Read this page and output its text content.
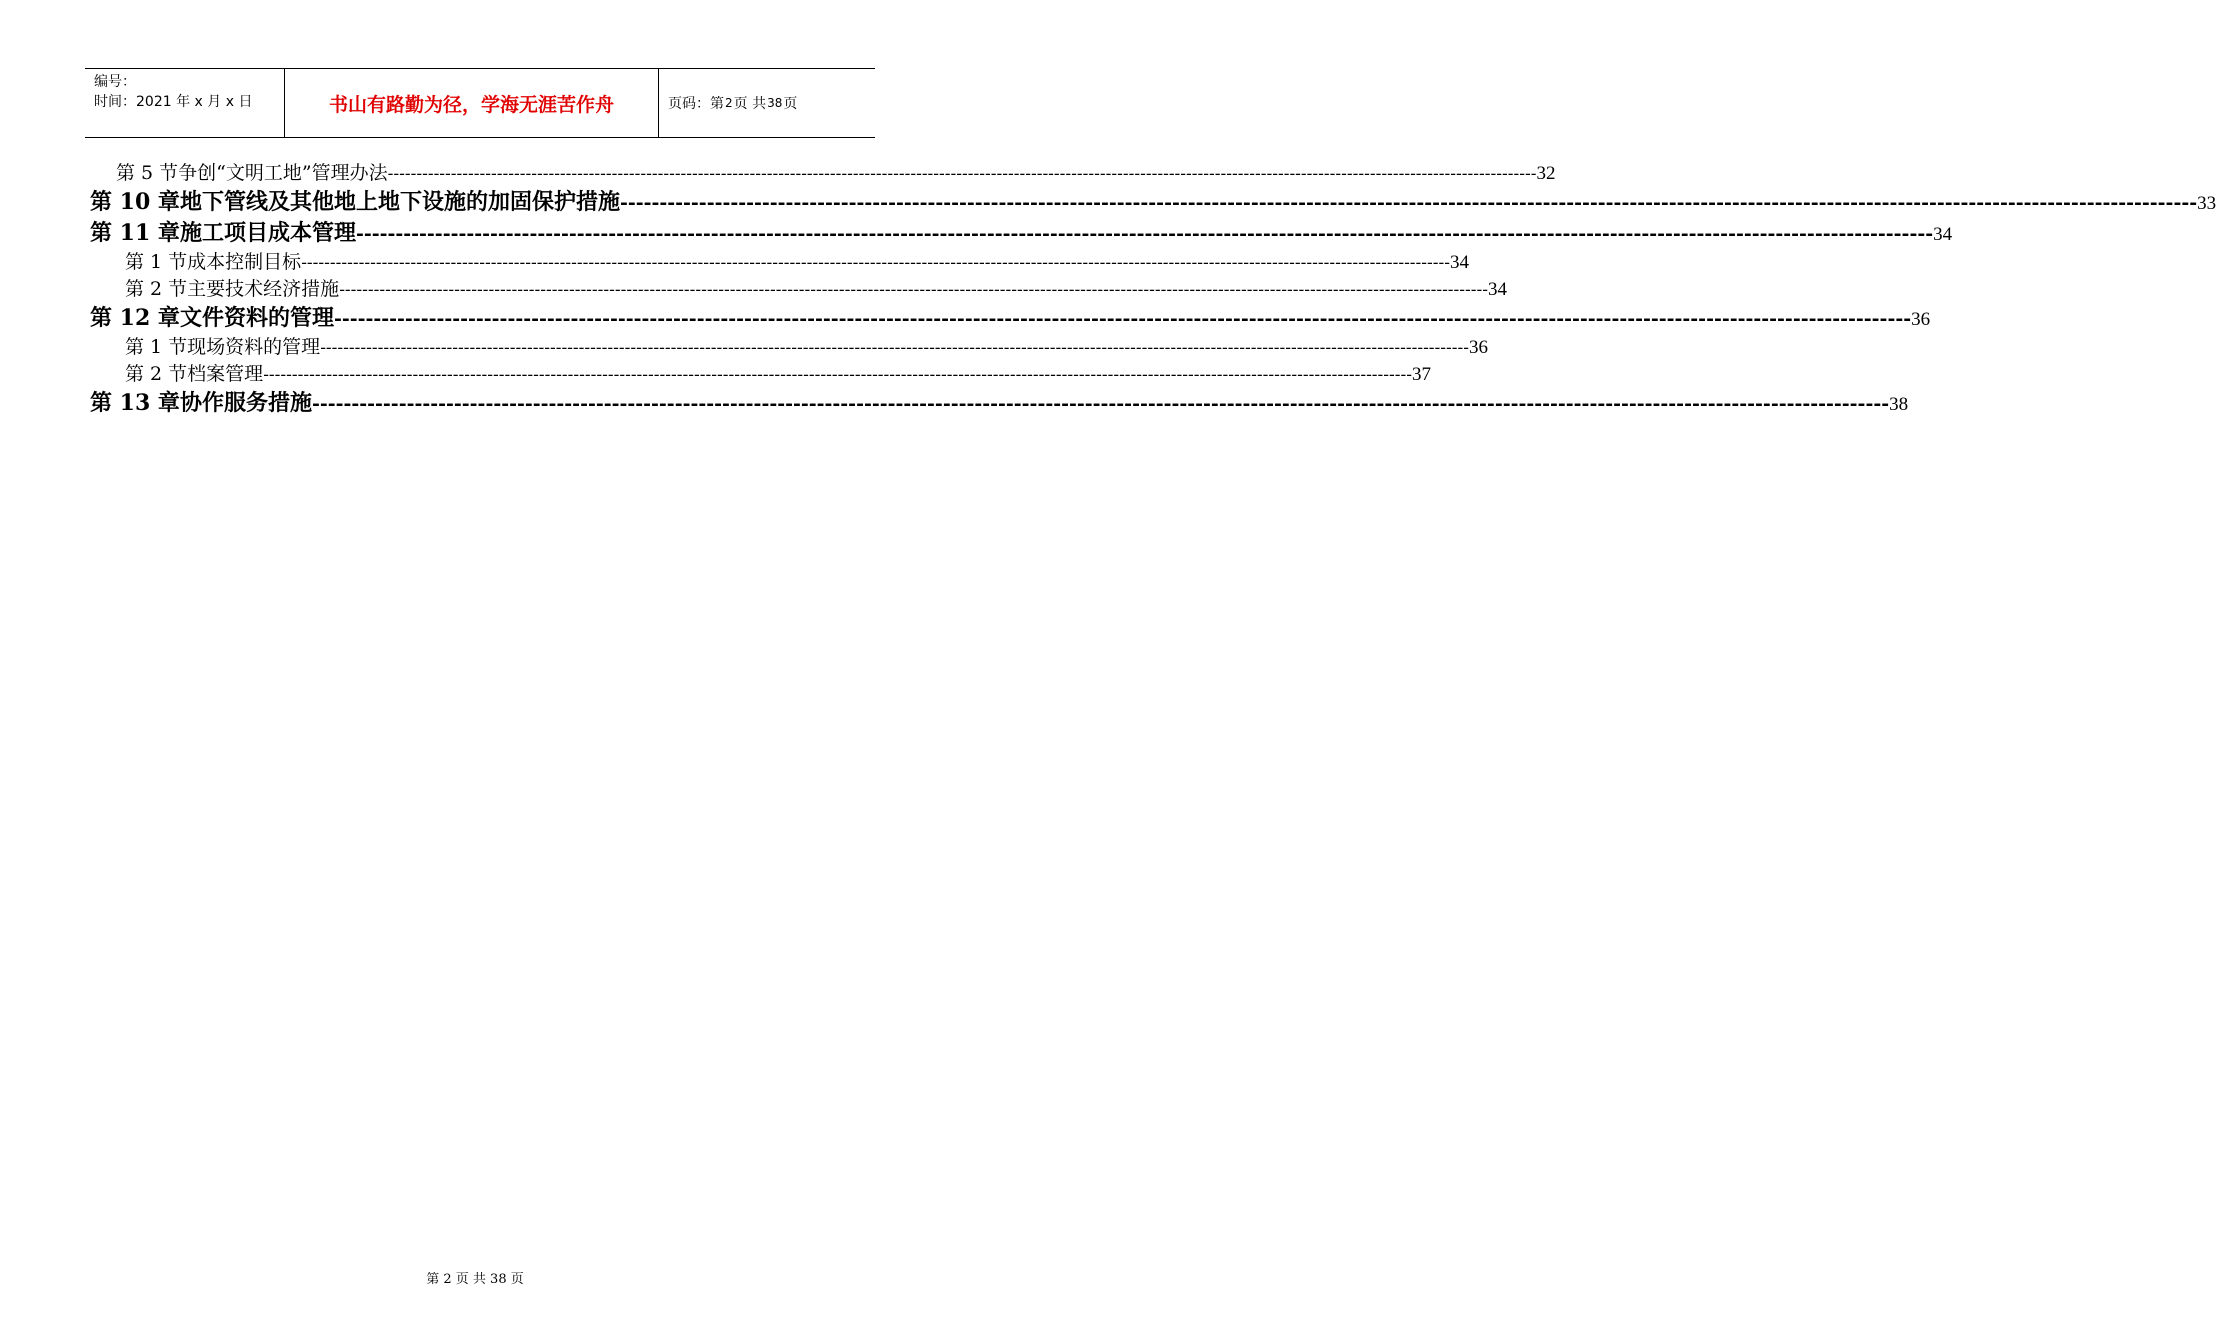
编号：
时间：2021 年 x 月 x 日	书山有路勤为径，学海无涯苦作舟	页码：第 2 页 共 38 页
第 5 节 争创“文明工地”管理办法 -------------------------------------------------------------------------------------------------------------------------------------------------------------------------------------------------------- 32
第 10 章 地下管线及其他地上地下设施的加固保护措施 -------------------------------------------------------------------------------------------------------------------------------------------------------------------------------------------------------- 33
第 11 章 施工项目成本管理 -------------------------------------------------------------------------------------------------------------------------------------------------------------------------------------------------------- 34
第 1 节 成本控制目标 -------------------------------------------------------------------------------------------------------------------------------------------------------------------------------------------------------- 34
第 2 节 主要技术经济措施 -------------------------------------------------------------------------------------------------------------------------------------------------------------------------------------------------------- 34
第 12 章 文件资料的管理 -------------------------------------------------------------------------------------------------------------------------------------------------------------------------------------------------------- 36
第 1 节 现场资料的管理 -------------------------------------------------------------------------------------------------------------------------------------------------------------------------------------------------------- 36
第 2 节 档案管理 -------------------------------------------------------------------------------------------------------------------------------------------------------------------------------------------------------- 37
第 13 章 协作服务措施 -------------------------------------------------------------------------------------------------------------------------------------------------------------------------------------------------------- 38
第 2 页 共 38 页
